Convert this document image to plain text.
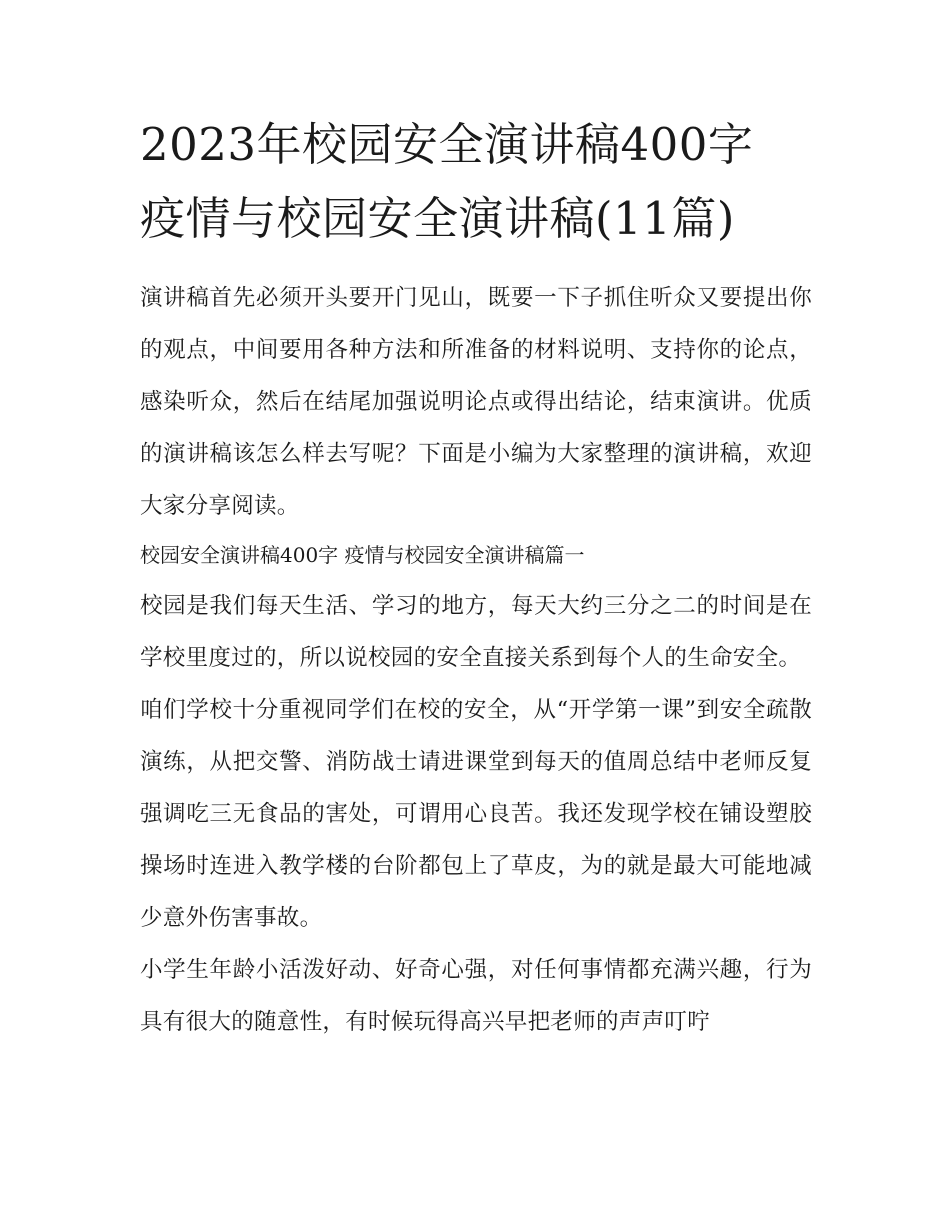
2023年校园安全演讲稿400字
疫情与校园安全演讲稿(11篇)

演讲稿首先必须开头要开门见山，既要一下子抓住听众又要提出你的观点，中间要用各种方法和所准备的材料说明、支持你的论点，感染听众，然后在结尾加强说明论点或得出结论，结束演讲。优质的演讲稿该怎么样去写呢？下面是小编为大家整理的演讲稿，欢迎大家分享阅读。

校园安全演讲稿400字 疫情与校园安全演讲稿篇一

校园是我们每天生活、学习的地方，每天大约三分之二的时间是在学校里度过的，所以说校园的安全直接关系到每个人的生命安全。

咱们学校十分重视同学们在校的安全，从“开学第一课”到安全疏散演练，从把交警、消防战士请进课堂到每天的值周总结中老师反复强调吃三无食品的害处，可谓用心良苦。我还发现学校在铺设塑胶操场时连进入教学楼的台阶都包上了草皮，为的就是最大可能地减少意外伤害事故。

小学生年龄小活泼好动、好奇心强，对任何事情都充满兴趣，行为具有很大的随意性，有时候玩得高兴早把老师的声声叮咛
